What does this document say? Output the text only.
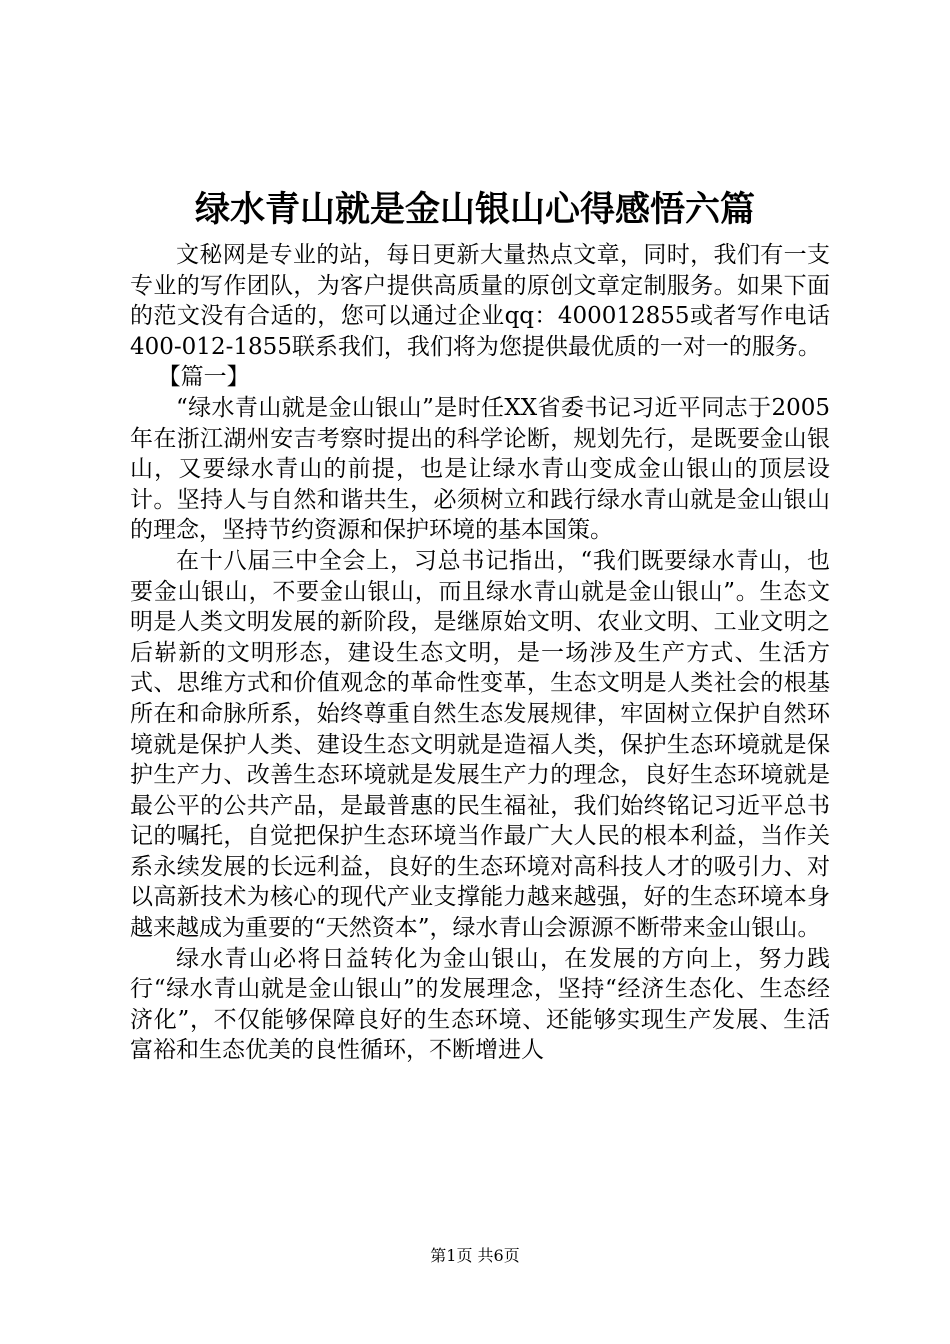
绿水青山就是金山银山心得感悟六篇

文秘网是专业的站，每日更新大量热点文章，同时，我们有一支专业的写作团队，为客户提供高质量的原创文章定制服务。如果下面的范文没有合适的，您可以通过企业qq：400012855或者写作电话400-012-1855联系我们，我们将为您提供最优质的一对一的服务。

【篇一】

“绿水青山就是金山银山”是时任XX省委书记习近平同志于2005年在浙江湖州安吉考察时提出的科学论断，规划先行，是既要金山银山，又要绿水青山的前提，也是让绿水青山变成金山银山的顶层设计。坚持人与自然和谐共生，必须树立和践行绿水青山就是金山银山的理念，坚持节约资源和保护环境的基本国策。

在十八届三中全会上，习总书记指出，“我们既要绿水青山，也要金山银山，不要金山银山，而且绿水青山就是金山银山”。生态文明是人类文明发展的新阶段，是继原始文明、农业文明、工业文明之后崭新的文明形态，建设生态文明，是一场涉及生产方式、生活方式、思维方式和价值观念的革命性变革，生态文明是人类社会的根基所在和命脉所系，始终尊重自然生态发展规律，牢固树立保护自然环境就是保护人类、建设生态文明就是造福人类，保护生态环境就是保护生产力、改善生态环境就是发展生产力的理念，良好生态环境就是最公平的公共产品，是最普惠的民生福祉，我们始终铭记习近平总书记的嘱托，自觉把保护生态环境当作最广大人民的根本利益，当作关系永续发展的长远利益，良好的生态环境对高科技人才的吸引力、对以高新技术为核心的现代产业支撑能力越来越强，好的生态环境本身越来越成为重要的“天然资本”，绿水青山会源源不断带来金山银山。

绿水青山必将日益转化为金山银山，在发展的方向上，努力践行“绿水青山就是金山银山”的发展理念，坚持“经济生态化、生态经济化”，不仅能够保障良好的生态环境、还能够实现生产发展、生活富裕和生态优美的良性循环，不断增进人

第1页 共6页
